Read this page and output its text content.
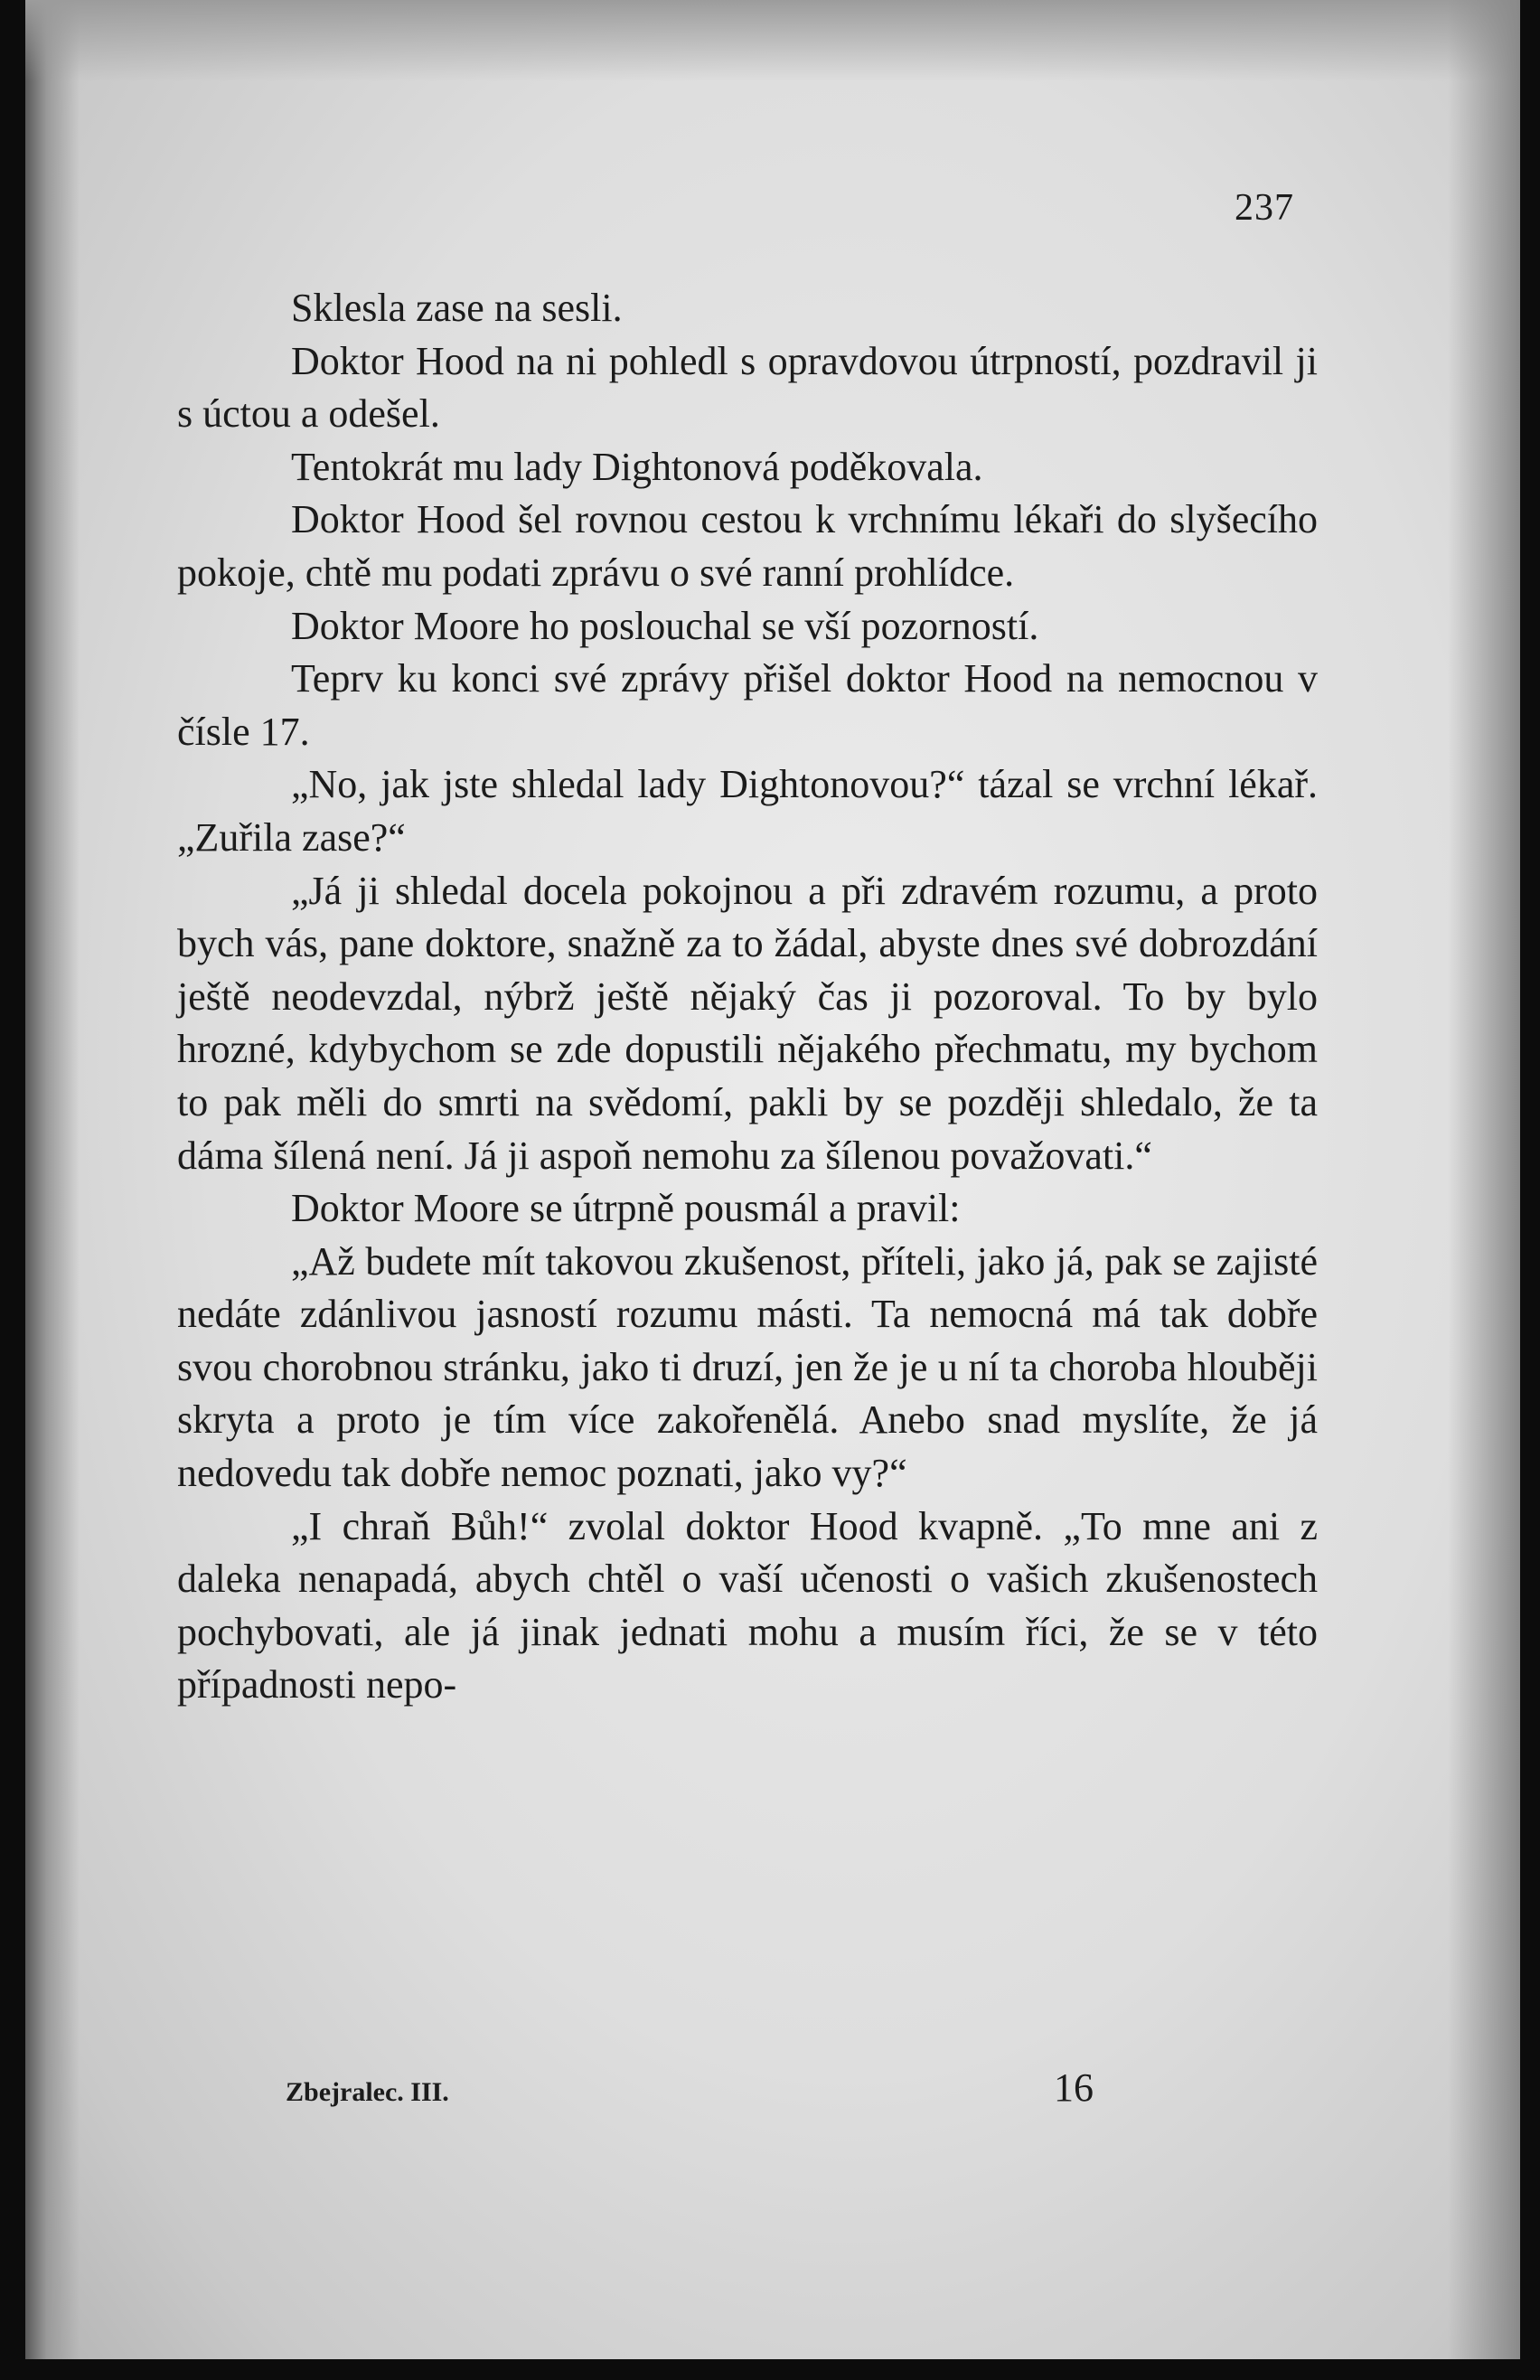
237

Sklesla zase na sesli.

Doktor Hood na ni pohledl s opravdovou útrpností, pozdravil ji s úctou a odešel.

Tentokrát mu lady Dightonová poděkovala.

Doktor Hood šel rovnou cestou k vrchnímu lékaři do slyšecího pokoje, chtě mu podati zprávu o své ranní prohlídce.

Doktor Moore ho poslouchal se vší pozorností.

Teprv ku konci své zprávy přišel doktor Hood na nemocnou v čísle 17.

„No, jak jste shledal lady Dightonovou?“ tázal se vrchní lékař. „Zuřila zase?“

„Já ji shledal docela pokojnou a při zdravém rozumu, a proto bych vás, pane doktore, snažně za to žádal, abyste dnes své dobrozdání ještě neodevzdal, nýbrž ještě nějaký čas ji pozoroval. To by bylo hrozné, kdybychom se zde dopustili nějakého přechmatu, my bychom to pak měli do smrti na svědomí, pakli by se později shledalo, že ta dáma šílená není. Já ji aspoň nemohu za šílenou považovati.“

Doktor Moore se útrpně pousmál a pravil:

„Až budete mít takovou zkušenost, příteli, jako já, pak se zajisté nedáte zdánlivou jasností rozumu másti. Ta nemocná má tak dobře svou chorobnou stránku, jako ti druzí, jen že je u ní ta choroba hlouběji skryta a proto je tím více zakořenělá. Anebo snad myslíte, že já nedovedu tak dobře nemoc poznati, jako vy?“

„I chraň Bůh!“ zvolal doktor Hood kvapně. „To mne ani z daleka nenapadá, abych chtěl o vaší učenosti o vašich zkušenostech pochybovati, ale já jinak jednati mohu a musím říci, že se v této případnosti nepo-

Zbejralec. III.	16
